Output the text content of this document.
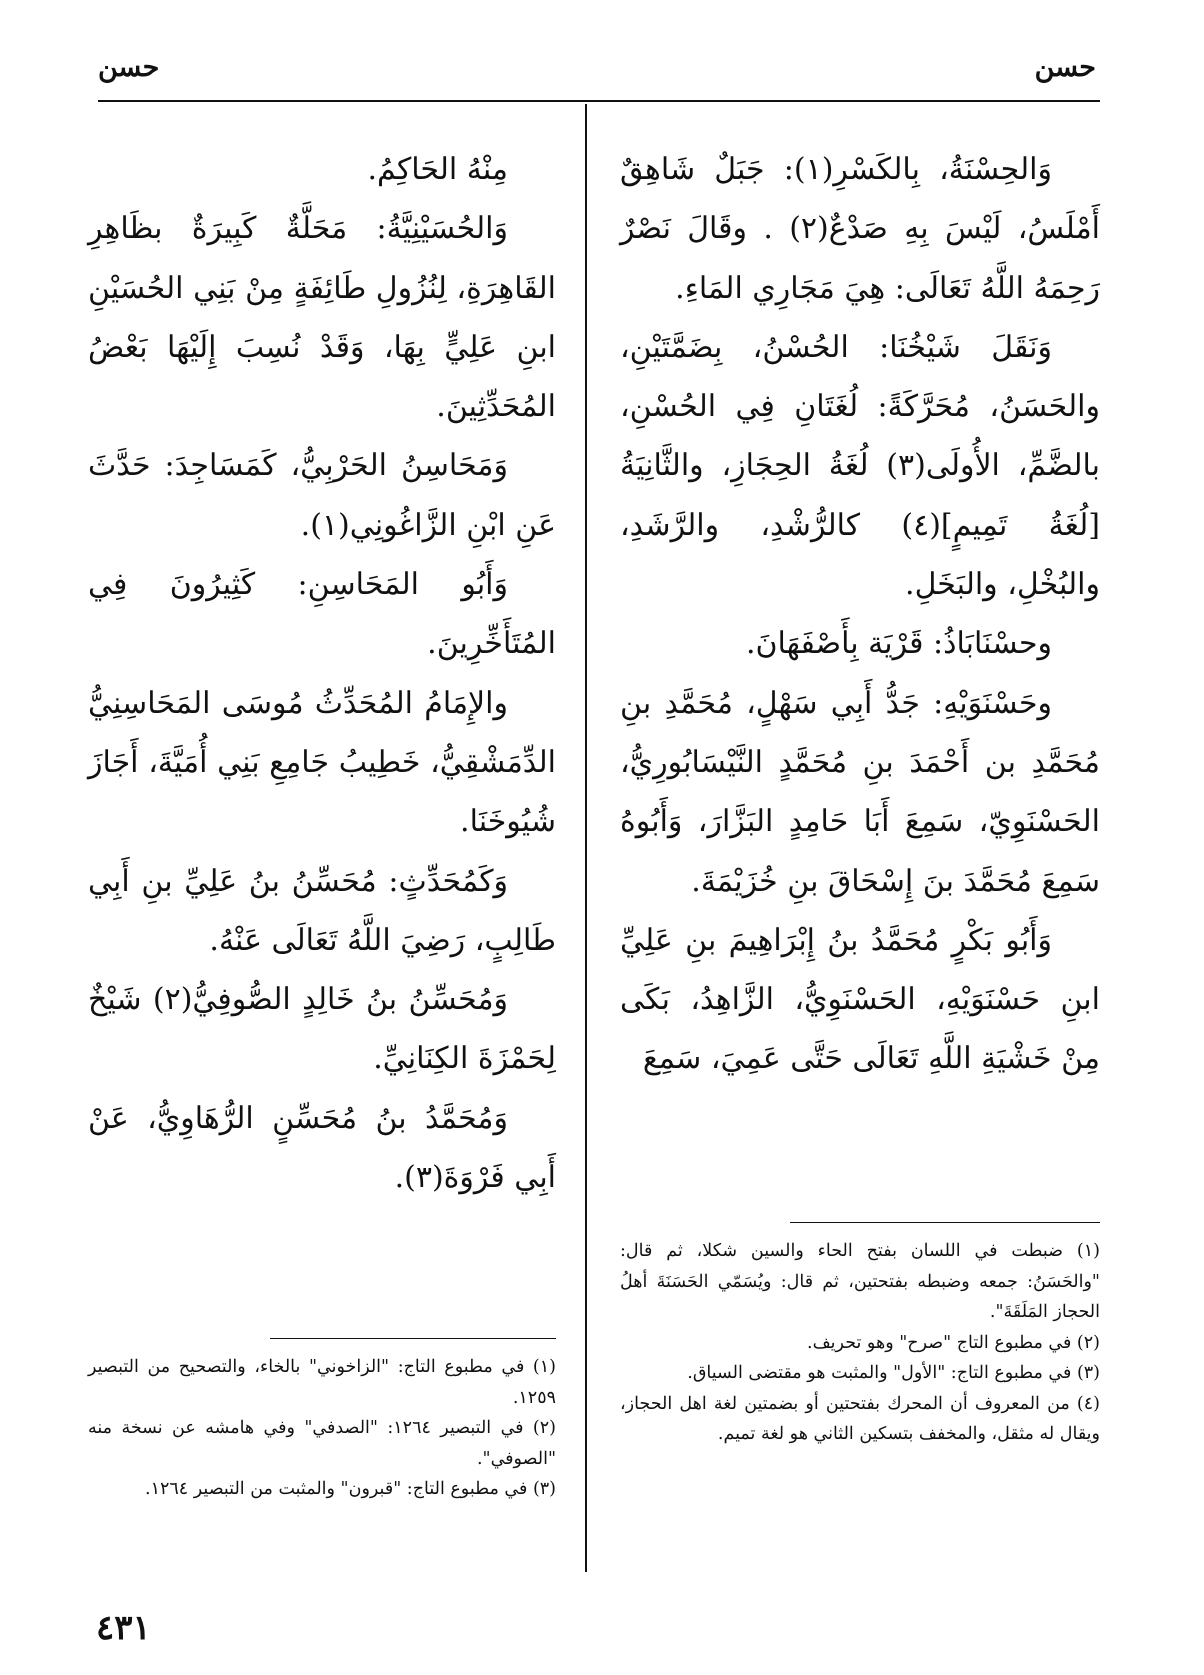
حسن
حسن

وَالحِسْنَةُ، بِالكَسْرِ(١): جَبَلٌ شَاهِقٌ أَمْلَسُ، لَيْسَ بِهِ صَدْعٌ(٢) . وقَالَ نَصْرٌ رَحِمَهُ اللَّهُ تَعَالَى: هِيَ مَجَارِي المَاءِ.

وَنَقَلَ شَيْخُنَا: الحُسْنُ، بِضَمَّتَيْنِ، والحَسَنُ، مُحَرَّكَةً: لُغَتَانِ فِي الحُسْنِ، بالضَّمِّ، الأُولَى(٣) لُغَةُ الحِجَازِ، والثَّانِيَةُ [لُغَةُ تَمِيمٍ](٤) كالرُّشْدِ، والرَّشَدِ، والبُخْلِ، والبَخَلِ.

وحسْنَابَاذُ: قَرْيَة بِأَصْفَهَانَ.

وحَسْنَوَيْهِ: جَدُّ أَبِي سَهْلٍ، مُحَمَّدِ بنِ مُحَمَّدِ بن أَحْمَدَ بنِ مُحَمَّدٍ النَّيْسَابُورِيُّ، الحَسْنَوِيّ، سَمِعَ أَبَا حَامِدٍ البَزَّارَ، وَأَبُوهُ سَمِعَ مُحَمَّدَ بنَ إِسْحَاقَ بنِ خُزَيْمَةَ.

وَأَبُو بَكْرٍ مُحَمَّدُ بنُ إِبْرَاهِيمَ بنِ عَلِيِّ ابنِ حَسْنَوَيْهِ، الحَسْنَوِيُّ، الزَّاهِدُ، بَكَى مِنْ خَشْيَةِ اللَّهِ تَعَالَى حَتَّى عَمِيَ، سَمِعَ

(١) ضبطت في اللسان بفتح الحاء والسين شكلا، ثم قال: "والحَسَنُ: جمعه وضبطه بفتحتين، ثم قال: ويُسَمّي الحَسَنَةَ أهلُ الحجاز المَلَقَةَ".

(٢) في مطبوع التاج "صرح" وهو تحريف.

(٣) في مطبوع التاج: "الأول" والمثبت هو مقتضى السياق.

(٤) من المعروف أن المحرك بفتحتين أو بضمتين لغة اهل الحجاز، ويقال له مثقل، والمخفف بتسكين الثاني هو لغة تميم.

مِنْهُ الحَاكِمُ.

وَالحُسَيْنِيَّةُ: مَحَلَّةٌ كَبِيرَةٌ بظَاهِرِ القَاهِرَةِ، لِنُزُولِ طَائِفَةٍ مِنْ بَنِي الحُسَيْنِ ابنِ عَلِيٍّ بِهَا، وَقَدْ نُسِبَ إِلَيْهَا بَعْضُ المُحَدِّثِينَ.

وَمَحَاسِنُ الحَرْبِيُّ، كَمَسَاجِدَ: حَدَّثَ عَنِ ابْنِ الزَّاغُونِي(١).

وَأَبُو المَحَاسِنِ: كَثِيرُونَ فِي المُتَأَخِّرِينَ.

والإِمَامُ المُحَدِّثُ مُوسَى المَحَاسِنِيُّ الدِّمَشْقِيُّ، خَطِيبُ جَامِعِ بَنِي أُمَيَّةَ، أَجَازَ شُيُوخَنَا.

وَكَمُحَدِّثٍ: مُحَسِّنُ بنُ عَلِيِّ بنِ أَبِي طَالِبٍ، رَضِيَ اللَّهُ تَعَالَى عَنْهُ.

وَمُحَسِّنُ بنُ خَالِدٍ الصُّوفِيُّ(٢) شَيْخٌ لِحَمْزَةَ الكِنَانِيِّ.

وَمُحَمَّدُ بنُ مُحَسِّنٍ الرُّهَاوِيُّ، عَنْ أَبِي فَرْوَةَ(٣).

(١) في مطبوع التاج: "الزاخوني" بالخاء، والتصحيح من التبصير ١٢٥٩.

(٢) في التبصير ١٢٦٤: "الصدفي" وفي هامشه عن نسخة منه "الصوفي".

(٣) في مطبوع التاج: "قبرون" والمثبت من التبصير ١٢٦٤.

٤٣١
